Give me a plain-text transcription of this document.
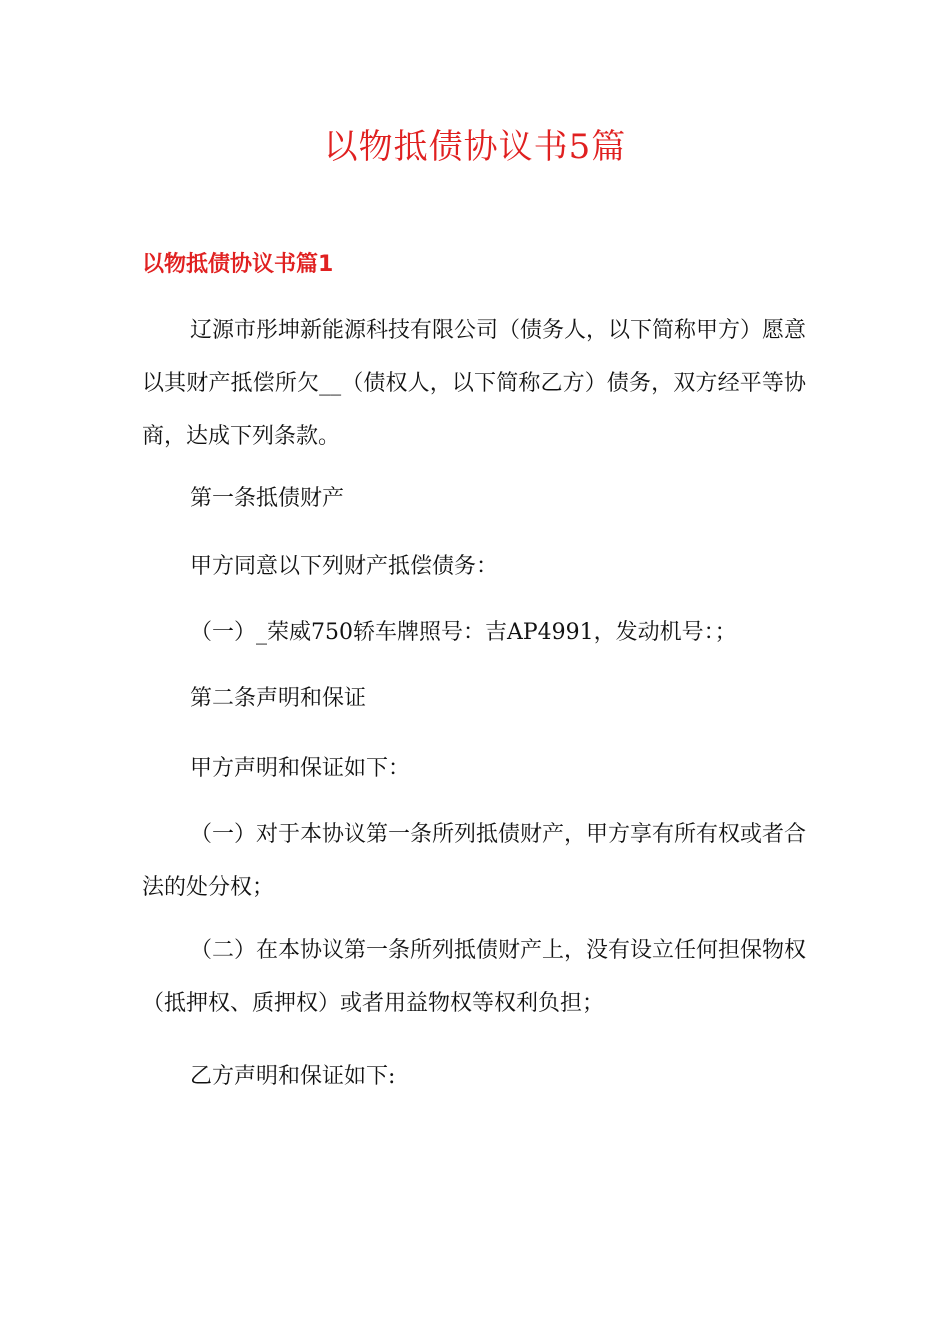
以物抵债协议书5篇
以物抵债协议书篇1

辽源市彤坤新能源科技有限公司（债务人，以下简称甲方）愿意以其财产抵偿所欠__（债权人，以下简称乙方）债务，双方经平等协商，达成下列条款。

第一条抵债财产

甲方同意以下列财产抵偿债务：

（一）_荣威750轿车牌照号：吉AP4991，发动机号：；

第二条声明和保证

甲方声明和保证如下：

（一）对于本协议第一条所列抵债财产，甲方享有所有权或者合法的处分权；

（二）在本协议第一条所列抵债财产上，没有设立任何担保物权（抵押权、质押权）或者用益物权等权利负担；

乙方声明和保证如下:
